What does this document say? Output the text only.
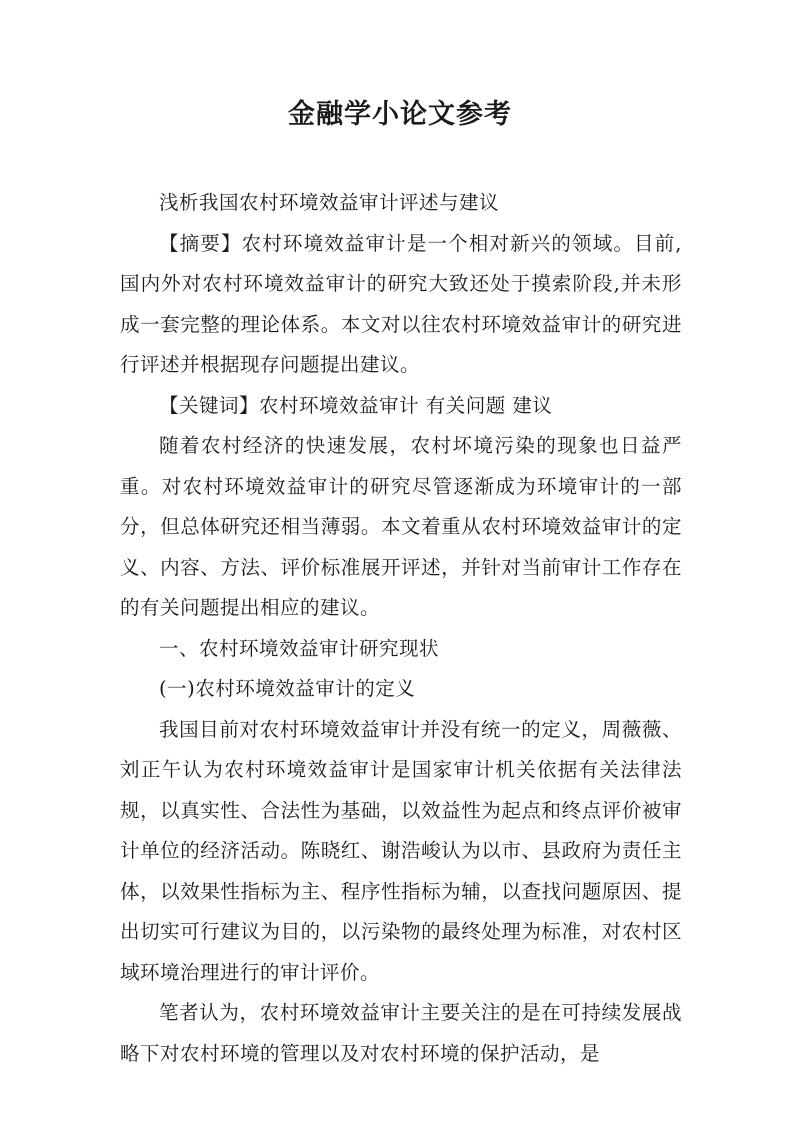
金融学小论文参考

浅析我国农村环境效益审计评述与建议

【摘要】农村环境效益审计是一个相对新兴的领域。目前,国内外对农村环境效益审计的研究大致还处于摸索阶段,并未形成一套完整的理论体系。本文对以往农村环境效益审计的研究进行评述并根据现存问题提出建议。

【关键词】农村环境效益审计 有关问题 建议

随着农村经济的快速发展，农村坏境污染的现象也日益严重。对农村环境效益审计的研究尽管逐渐成为环境审计的一部分，但总体研究还相当薄弱。本文着重从农村环境效益审计的定义、内容、方法、评价标准展开评述，并针对当前审计工作存在的有关问题提出相应的建议。

一、农村环境效益审计研究现状

(一)农村环境效益审计的定义

我国目前对农村环境效益审计并没有统一的定义，周薇薇、刘正午认为农村环境效益审计是国家审计机关依据有关法律法规，以真实性、合法性为基础，以效益性为起点和终点评价被审计单位的经济活动。陈晓红、谢浩峻认为以市、县政府为责任主体，以效果性指标为主、程序性指标为辅，以查找问题原因、提出切实可行建议为目的，以污染物的最终处理为标准，对农村区域环境治理进行的审计评价。

笔者认为，农村环境效益审计主要关注的是在可持续发展战略下对农村环境的管理以及对农村环境的保护活动，是
